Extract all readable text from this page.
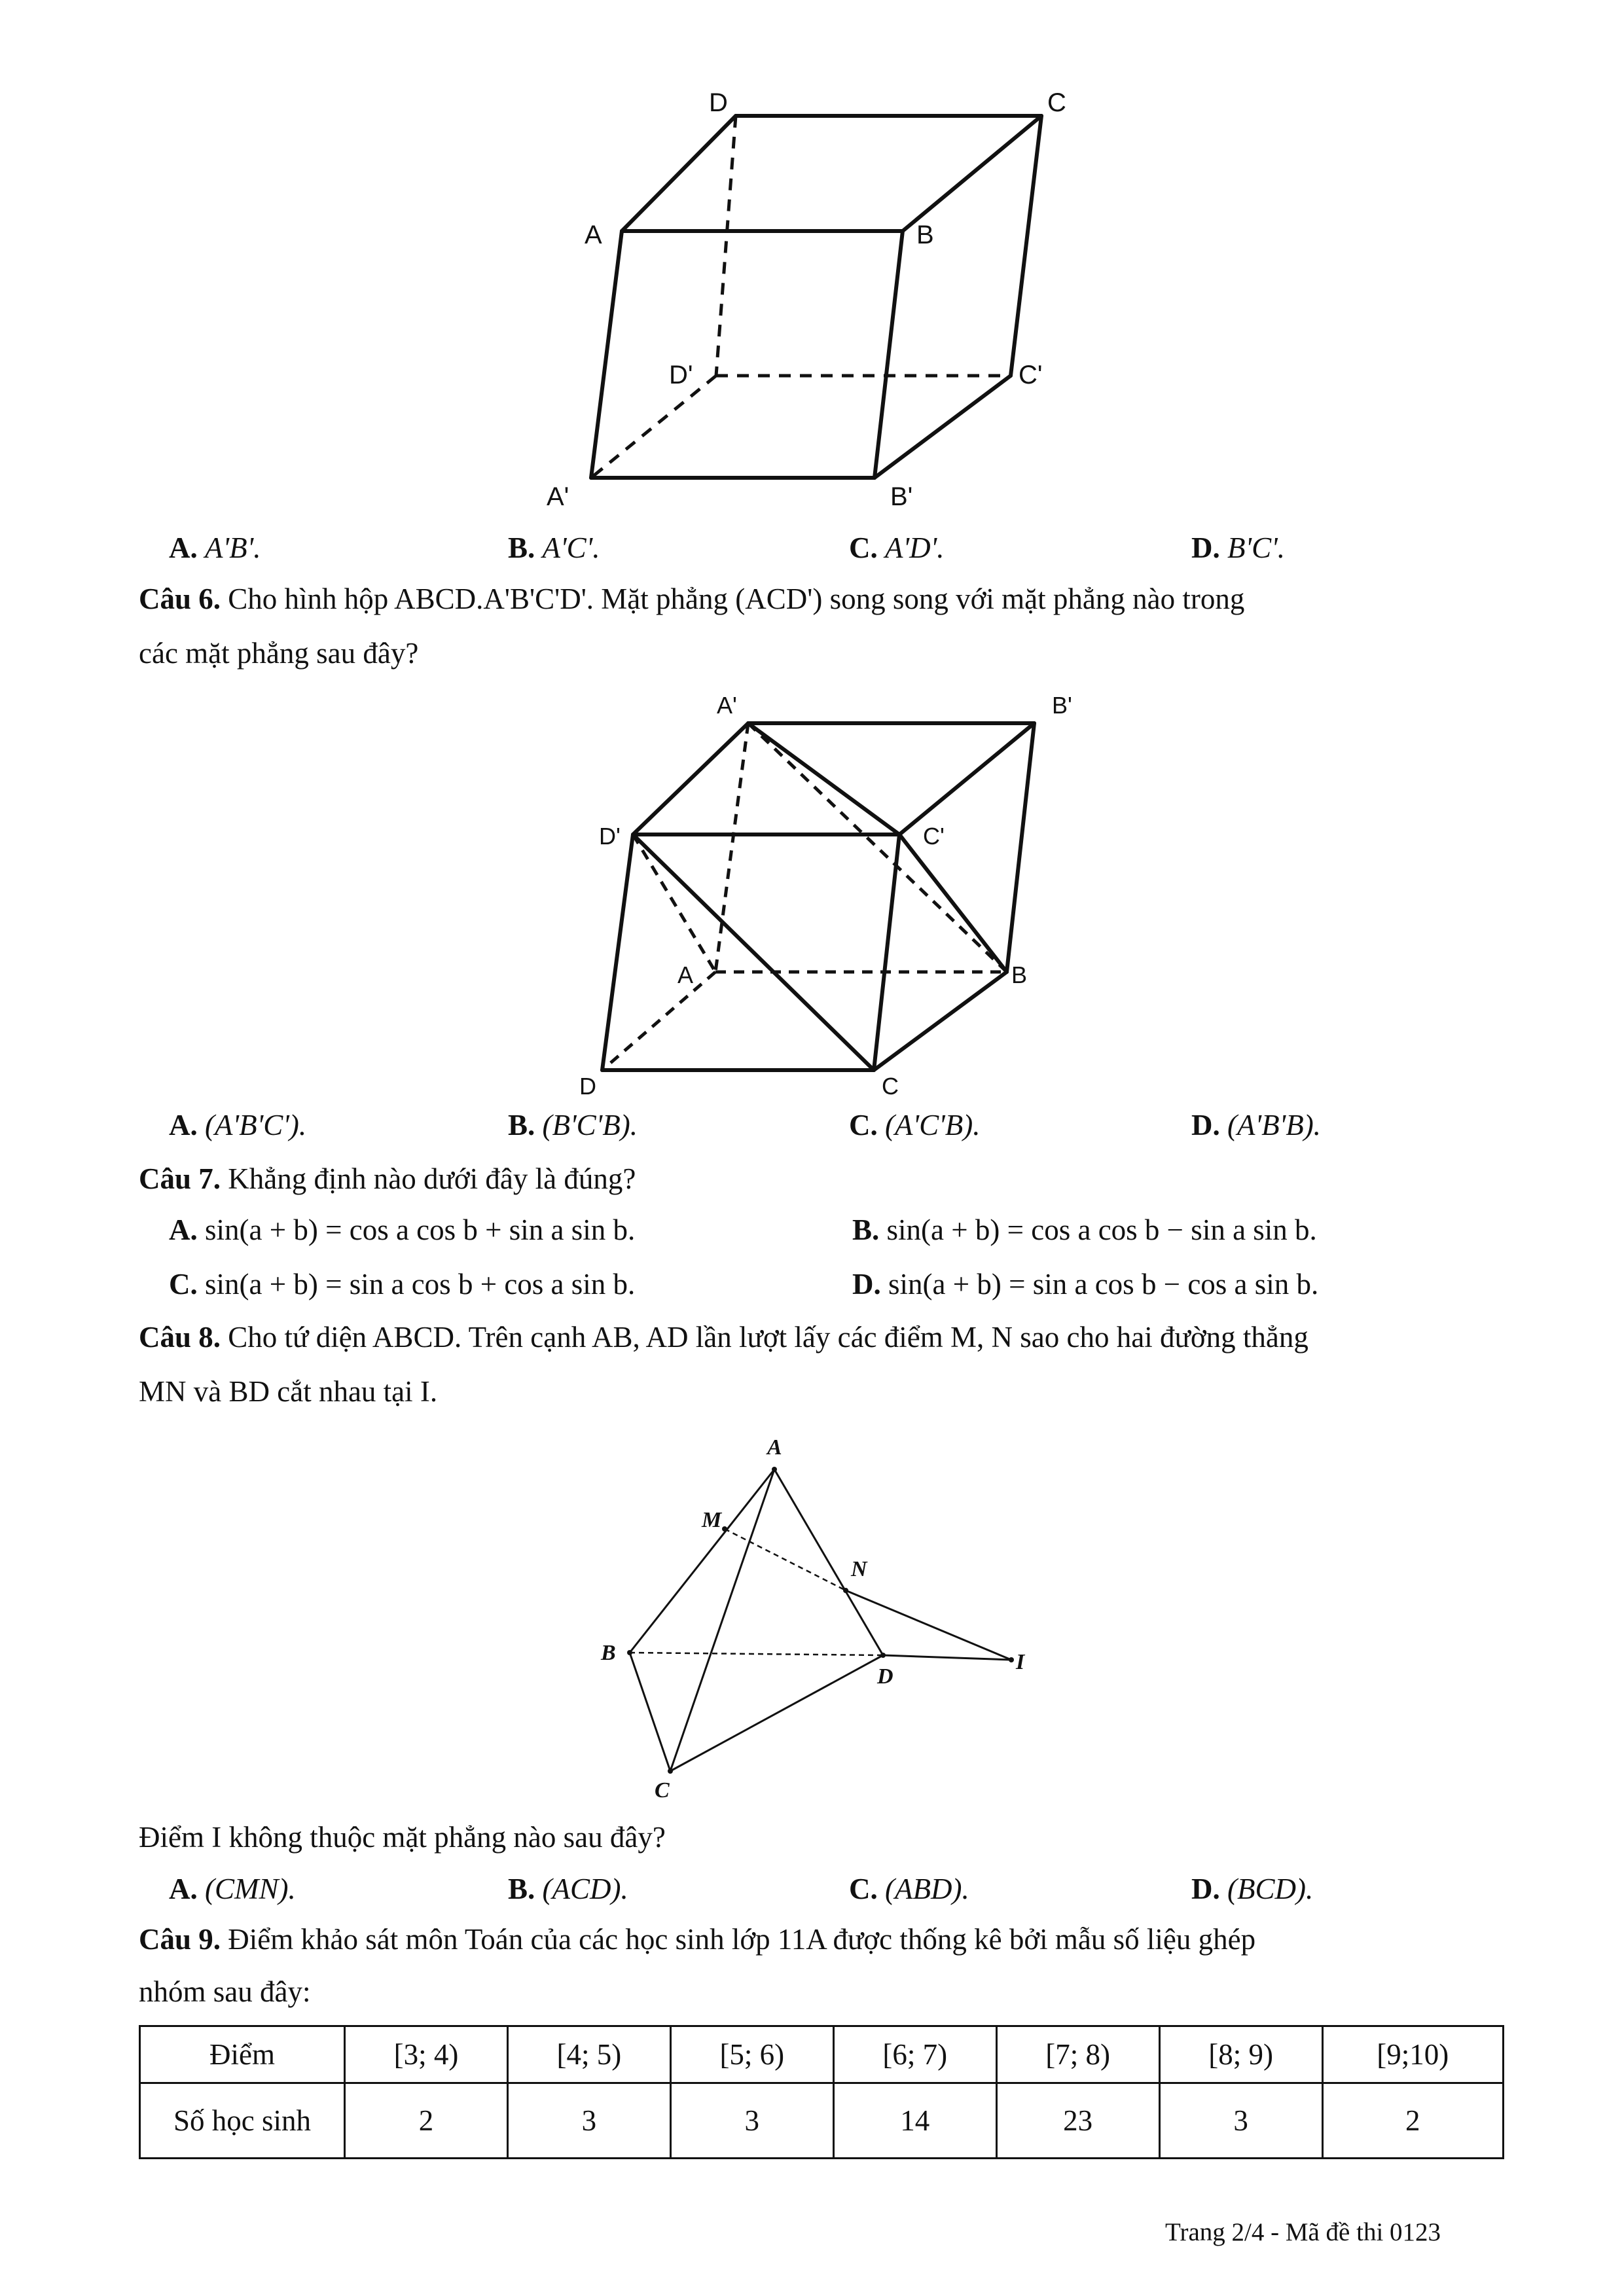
D	C
A	B
D'	C'
A'	B'
A. A'B'.	B. A'C'.	C. A'D'.	D. B'C'.
Câu 6. Cho hình hộp ABCD.A'B'C'D'. Mặt phẳng (ACD') song song với mặt phẳng nào trong
các mặt phẳng sau đây?
A'	B'
D'	C'
A	B
D	C
A. (A'B'C').	B. (B'C'B).	C. (A'C'B).	D. (A'B'B).
Câu 7. Khẳng định nào dưới đây là đúng?
A. sin(a + b) = cos a cos b + sin a sin b.	B. sin(a + b) = cos a cos b − sin a sin b.
C. sin(a + b) = sin a cos b + cos a sin b.	D. sin(a + b) = sin a cos b − cos a sin b.
Câu 8. Cho tứ diện ABCD. Trên cạnh AB, AD lần lượt lấy các điểm M, N sao cho hai đường thẳng
MN và BD cắt nhau tại I.
A
M
N
B
D
I
C
Điểm I không thuộc mặt phẳng nào sau đây?
A. (CMN).	B. (ACD).	C. (ABD).	D. (BCD).
Câu 9. Điểm khảo sát môn Toán của các học sinh lớp 11A được thống kê bởi mẫu số liệu ghép
nhóm sau đây:
Điểm	[3; 4)	[4; 5)	[5; 6)	[6; 7)	[7; 8)	[8; 9)	[9;10)
Số học sinh	2	3	3	14	23	3	2
Trang 2/4 - Mã đề thi 0123
